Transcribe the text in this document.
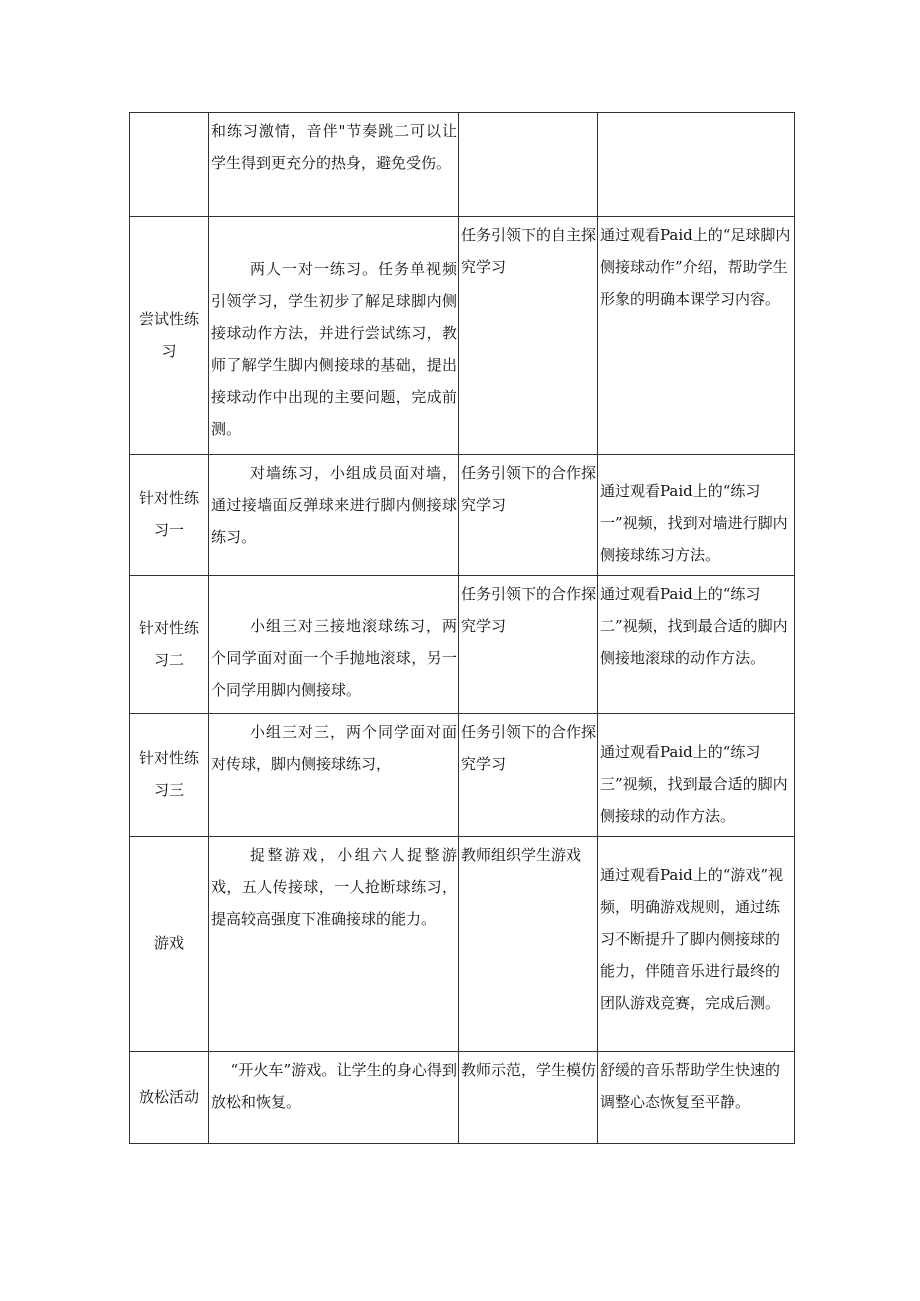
	和练习激情，音伴"节奏跳二可以让学生得到更充分的热身，避免受伤。		
尝试性练习	两人一对一练习。任务单视频引领学习，学生初步了解足球脚内侧接球动作方法，并进行尝试练习，教师了解学生脚内侧接球的基础，提出接球动作中出现的主要问题，完成前测。	任务引领下的自主探究学习	通过观看Paid上的“足球脚内侧接球动作”介绍，帮助学生形象的明确本课学习内容。
针对性练习一	对墙练习，小组成员面对墙，通过接墙面反弹球来进行脚内侧接球练习。	任务引领下的合作探究学习	通过观看Paid上的“练习一”视频，找到对墙进行脚内侧接球练习方法。

针对性练习二	小组三对三接地滚球练习，两个同学面对面一个手抛地滚球，另一个同学用脚内侧接球。	任务引领下的合作探究学习	通过观看Paid上的“练习二”视频，找到最合适的脚内侧接地滚球的动作方法。
针对性练习三	小组三对三，两个同学面对面对传球，脚内侧接球练习，	任务引领下的合作探究学习	通过观看Paid上的“练习三”视频，找到最合适的脚内侧接球的动作方法。

游戏	捉整游戏，小组六人捉整游戏，五人传接球，一人抢断球练习，提高较高强度下准确接球的能力。	教师组织学生游戏	通过观看Paid上的“游戏”视频，明确游戏规则，通过练习不断提升了脚内侧接球的能力，伴随音乐进行最终的团队游戏竞赛，完成后测。

放松活动	“开火车”游戏。让学生的身心得到放松和恢复。	教师示范，学生模仿	舒缓的音乐帮助学生快速的调整心态恢复至平静。
